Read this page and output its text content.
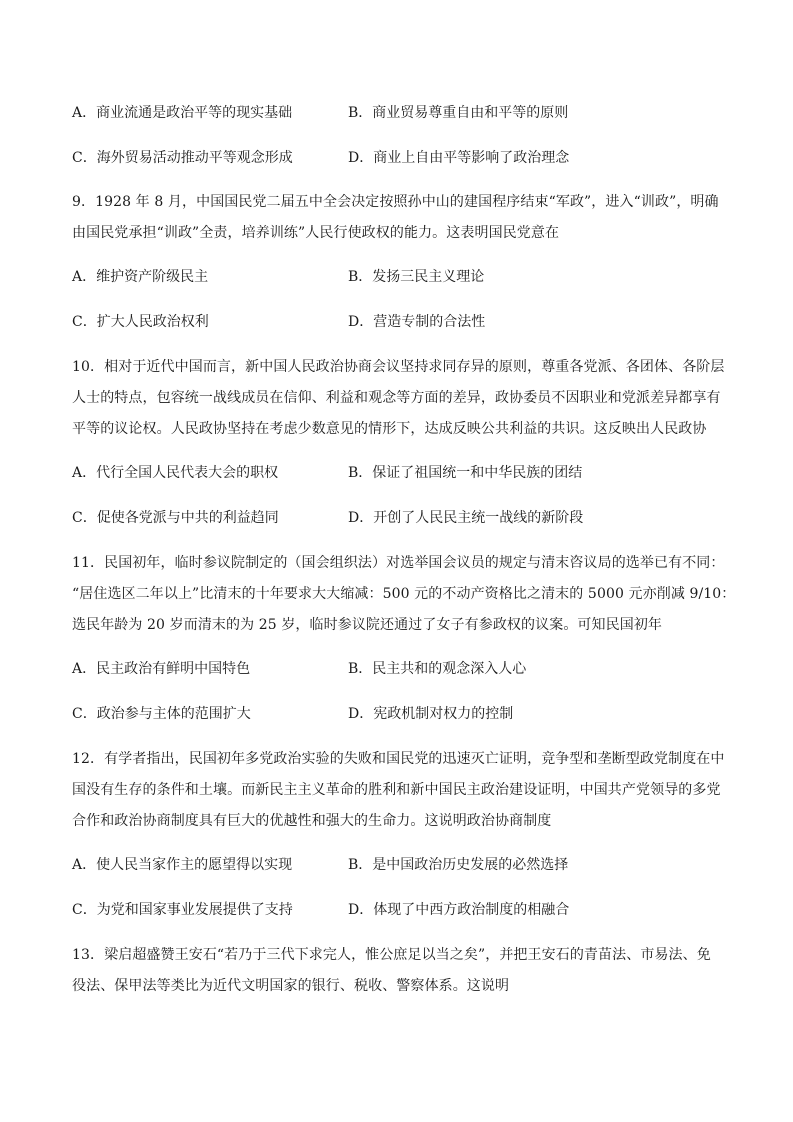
A．商业流通是政治平等的现实基础	B．商业贸易尊重自由和平等的原则
C．海外贸易活动推动平等观念形成	D．商业上自由平等影响了政治理念
9．1928 年 8 月，中国国民党二届五中全会决定按照孙中山的建国程序结束“军政”，进入“训政”，明确
由国民党承担“训政”全责，培养训练”人民行使政权的能力。这表明国民党意在
A．维护资产阶级民主	B．发扬三民主义理论
C．扩大人民政治权利	D．营造专制的合法性
10．相对于近代中国而言，新中国人民政治协商会议坚持求同存异的原则，尊重各党派、各团体、各阶层
人士的特点，包容统一战线成员在信仰、利益和观念等方面的差异，政协委员不因职业和党派差异都享有
平等的议论权。人民政协坚持在考虑少数意见的情形下，达成反映公共利益的共识。这反映出人民政协
A．代行全国人民代表大会的职权	B．保证了祖国统一和中华民族的团结
C．促使各党派与中共的利益趋同	D．开创了人民民主统一战线的新阶段
11．民国初年，临时参议院制定的（国会组织法）对选举国会议员的规定与清末咨议局的选举已有不同：
“居住选区二年以上”比清末的十年要求大大缩减：500 元的不动产资格比之清末的 5000 元亦削减 9/10：
选民年龄为 20 岁而清末的为 25 岁，临时参议院还通过了女子有参政权的议案。可知民国初年
A．民主政治有鲜明中国特色	B．民主共和的观念深入人心
C．政治参与主体的范围扩大	D．宪政机制对权力的控制
12．有学者指出，民国初年多党政治实验的失败和国民党的迅速灭亡证明，竞争型和垄断型政党制度在中
国没有生存的条件和土壤。而新民主主义革命的胜利和新中国民主政治建设证明，中国共产党领导的多党
合作和政治协商制度具有巨大的优越性和强大的生命力。这说明政治协商制度
A．使人民当家作主的愿望得以实现	B．是中国政治历史发展的必然选择
C．为党和国家事业发展提供了支持	D．体现了中西方政治制度的相融合
13．梁启超盛赞王安石“若乃于三代下求完人，惟公庶足以当之矣”，并把王安石的青苗法、市易法、免
役法、保甲法等类比为近代文明国家的银行、税收、警察体系。这说明
